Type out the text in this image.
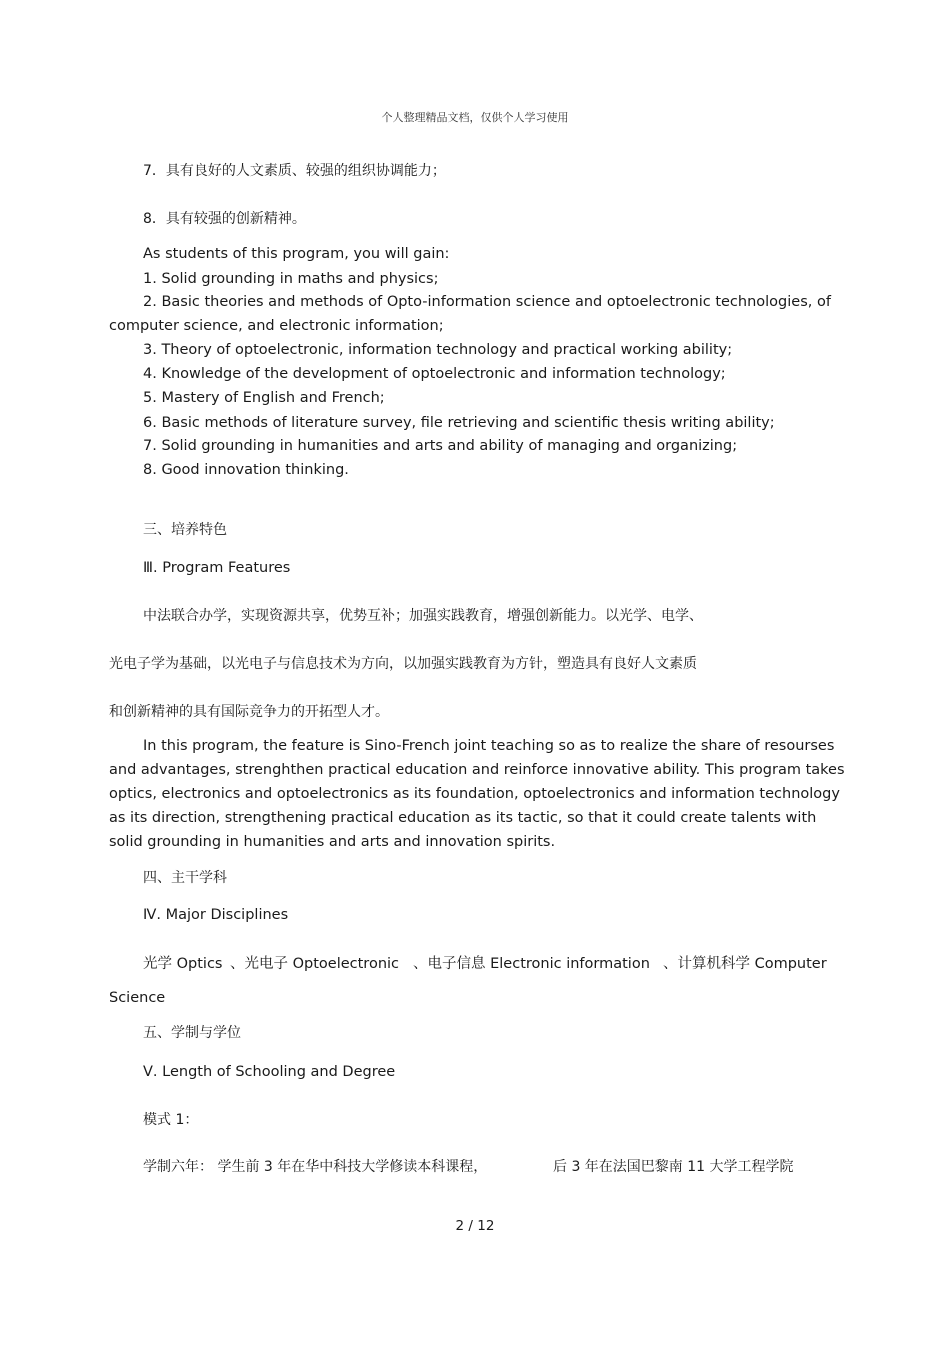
个人整理精品文档，仅供个人学习使用
7．具有良好的人文素质、较强的组织协调能力；
8．具有较强的创新精神。
As students of this program, you will gain:
1. Solid grounding in maths and physics;
2. Basic theories and methods of Opto-information science and optoelectronic technologies, of
computer science, and electronic information;
3. Theory of optoelectronic, information technology and practical working ability;
4. Knowledge of the development of optoelectronic and information technology;
5. Mastery of English and French;
6. Basic methods of literature survey, file retrieving and scientific thesis writing ability;
7. Solid grounding in humanities and arts and ability of managing and organizing;
8. Good innovation thinking.
三、培养特色
Ⅲ. Program Features
中法联合办学，实现资源共享，优势互补；加强实践教育，增强创新能力。以光学、电学、
光电子学为基础，以光电子与信息技术为方向，以加强实践教育为方针，塑造具有良好人文素质
和创新精神的具有国际竞争力的开拓型人才。
In this program, the feature is Sino-French joint teaching so as to realize the share of resourses
and advantages, strenghthen practical education and reinforce innovative ability. This program takes
optics, electronics and optoelectronics as its foundation, optoelectronics and information technology
as its direction, strengthening practical education as its tactic, so that it could create talents with
solid grounding in humanities and arts and innovation spirits.
四、主干学科
Ⅳ. Major Disciplines
光学 Optics 、光电子 Optoelectronic 、电子信息 Electronic information 、计算机科学 Computer
Science
五、学制与学位
Ⅴ. Length of Schooling and Degree
模式 1：
学制六年： 学生前 3 年在华中科技大学修读本科课程，	后 3 年在法国巴黎南 11 大学工程学院
2 / 12
